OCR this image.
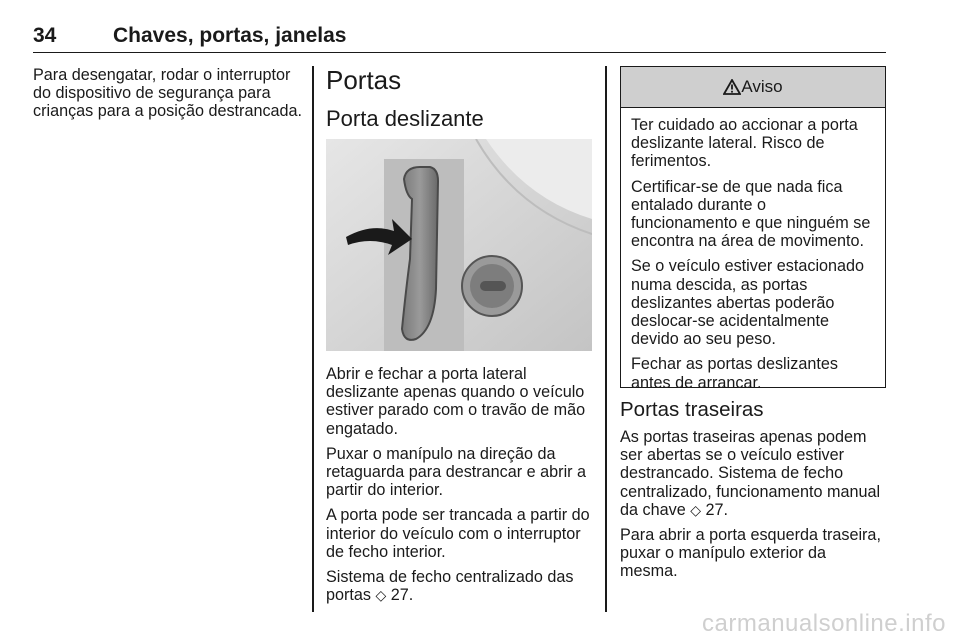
34	Chaves, portas, janelas

Para desengatar, rodar o interruptor do dispositivo de segurança para crianças para a posição destrancada.

Portas
Porta deslizante

Abrir e fechar a porta lateral deslizante apenas quando o veículo estiver parado com o travão de mão engatado.

Puxar o manípulo na direção da retaguarda para destrancar e abrir a partir do interior.

A porta pode ser trancada a partir do interior do veículo com o interruptor de fecho interior.

Sistema de fecho centralizado das portas ◇ 27.

Aviso

Ter cuidado ao accionar a porta deslizante lateral. Risco de ferimentos.

Certificar-se de que nada fica entalado durante o funcionamento e que ninguém se encontra na área de movimento.

Se o veículo estiver estacionado numa descida, as portas deslizantes abertas poderão deslocar-se acidentalmente devido ao seu peso.

Fechar as portas deslizantes antes de arrancar.

Portas traseiras

As portas traseiras apenas podem ser abertas se o veículo estiver destrancado. Sistema de fecho centralizado, funcionamento manual da chave ◇ 27.

Para abrir a porta esquerda traseira, puxar o manípulo exterior da mesma.

carmanualsonline.info
